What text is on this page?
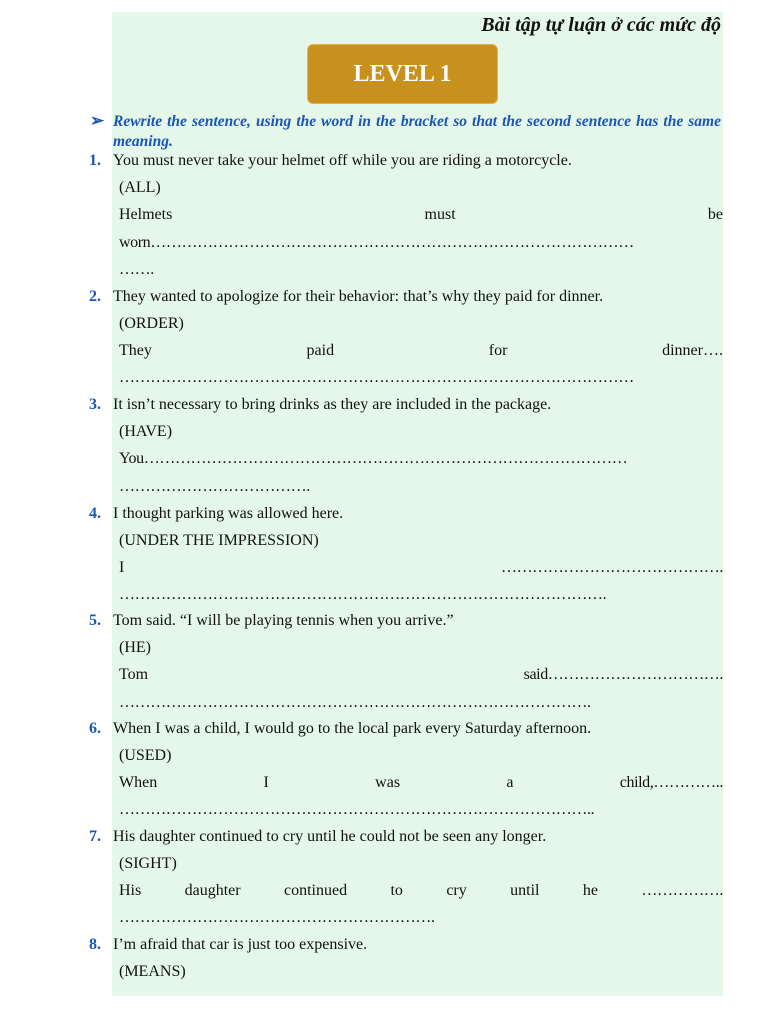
Bài tập tự luận ở các mức độ
LEVEL 1
➢ Rewrite the sentence, using the word in the bracket so that the second sentence has the same meaning.
1. You must never take your helmet off while you are riding a motorcycle.
(ALL)
Helmets	must	be
worn…………………………………………………………………………………
…….
2. They wanted to apologize for their behavior: that’s why they paid for dinner.
(ORDER)
They	paid	for	dinner….
………………………………………………………………………………………
3. It isn’t necessary to bring drinks as they are included in the package.
(HAVE)
You…………………………………………………………………………………
……………………………….
4. I thought parking was allowed here.
(UNDER THE IMPRESSION)
I	…………………………………….
………………………………………………………………………………….
5. Tom said. “I will be playing tennis when you arrive.”
(HE)
Tom	said…………………………….
……………………………………………………………………………….
6. When I was a child, I would go to the local park every Saturday afternoon.
(USED)
When	I	was	a	child,…………..
………………………………………………………………………………..
7. His daughter continued to cry until he could not be seen any longer.
(SIGHT)
His	daughter	continued	to	cry	until	he	…………….
…………………………………………………….
8. I’m afraid that car is just too expensive.
(MEANS)
